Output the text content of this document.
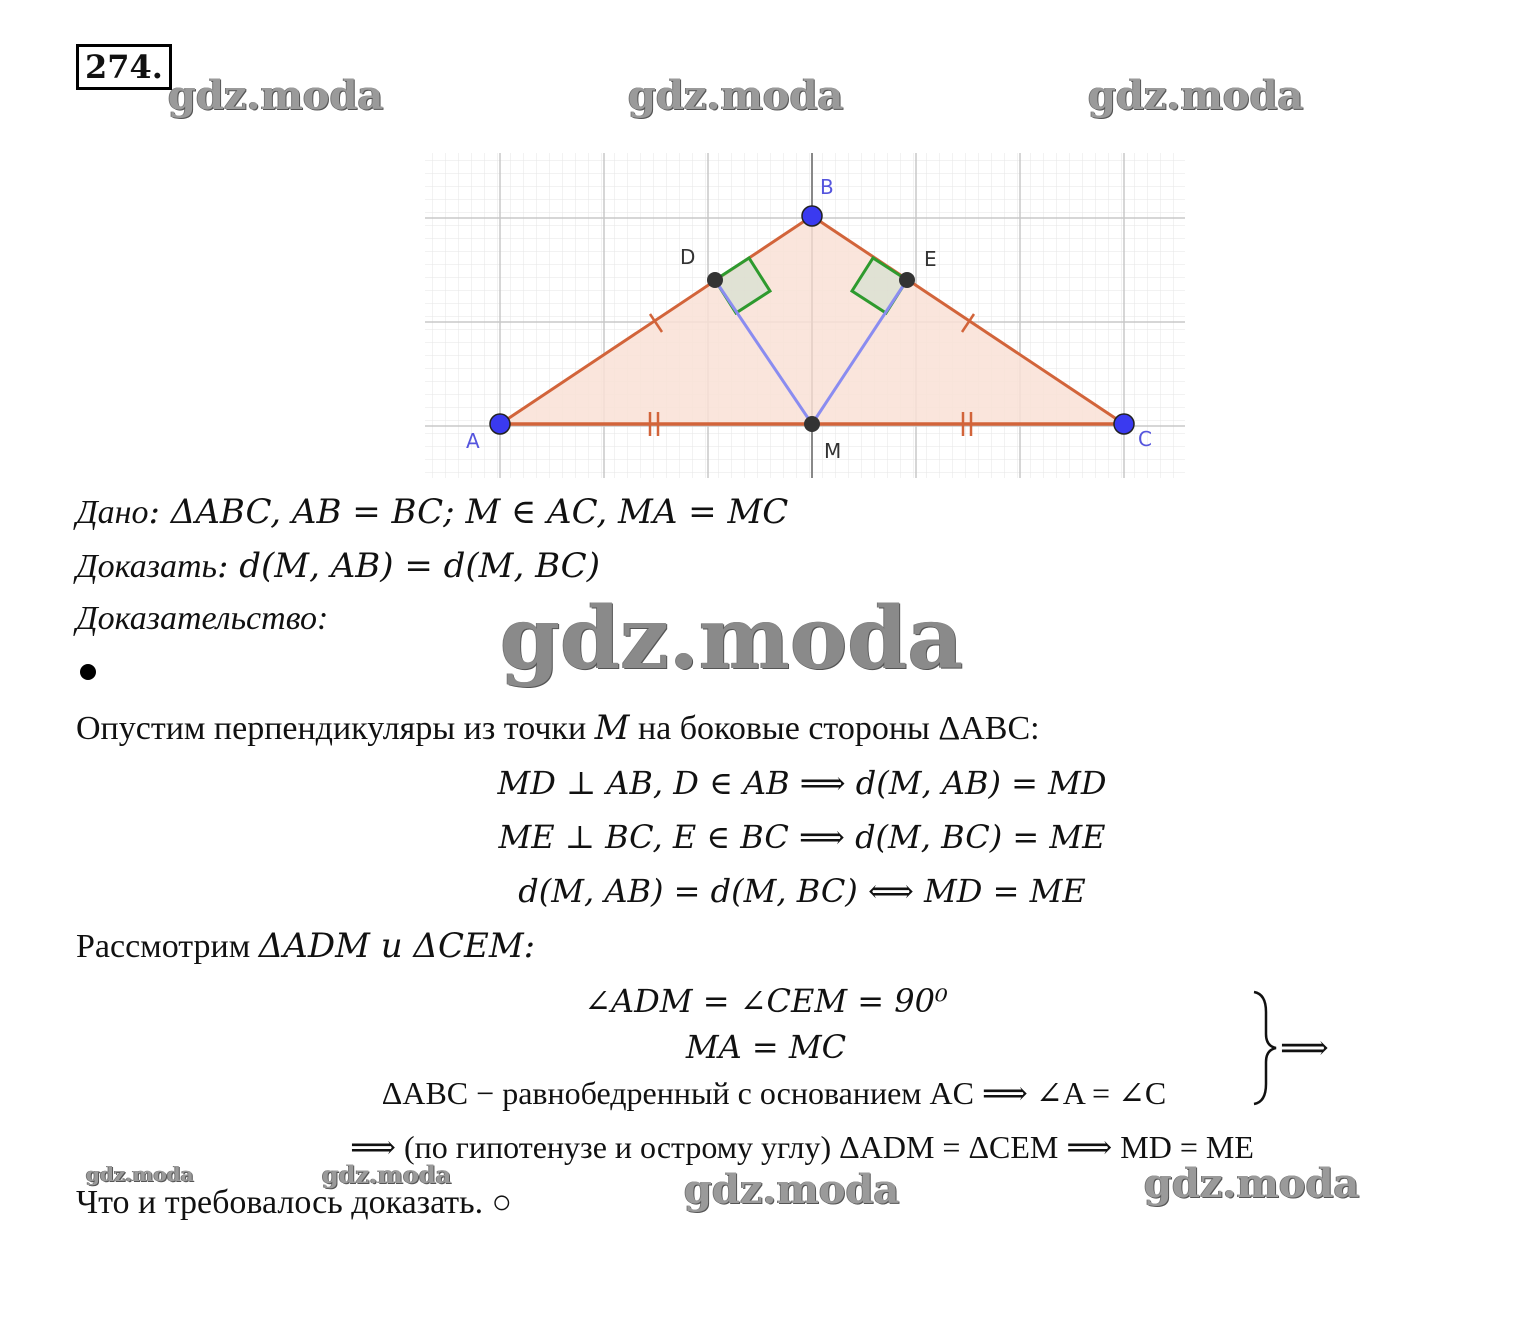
274.
gdz.moda	gdz.moda	gdz.moda
A
B
C
D	E
M
Дано: ΔABC, AB = BC; M ∈ AC, MA = MC
Доказать: d(M, AB) = d(M, BC)
Доказательство: gdz.moda
Опустим перпендикуляры из точки M на боковые стороны ΔABC:
MD ⊥ AB, D ∈ AB ⟹ d(M, AB) = MD
ME ⊥ BC, E ∈ BC ⟹ d(M, BC) = ME
d(M, AB) = d(M, BC) ⟺ MD = ME
Рассмотрим ΔADM и ΔCEM:
∠ADM = ∠CEM = 90⁰
MA = MC
ΔABC − равнобедренный с основанием AC ⟹ ∠A = ∠C
⟹
⟹ (по гипотенузе и острому углу) ΔADM = ΔCEM ⟹ MD = ME
gdz.moda	gdz.moda	gdz.moda	gdz.moda
Что и требовалось доказать. ○
